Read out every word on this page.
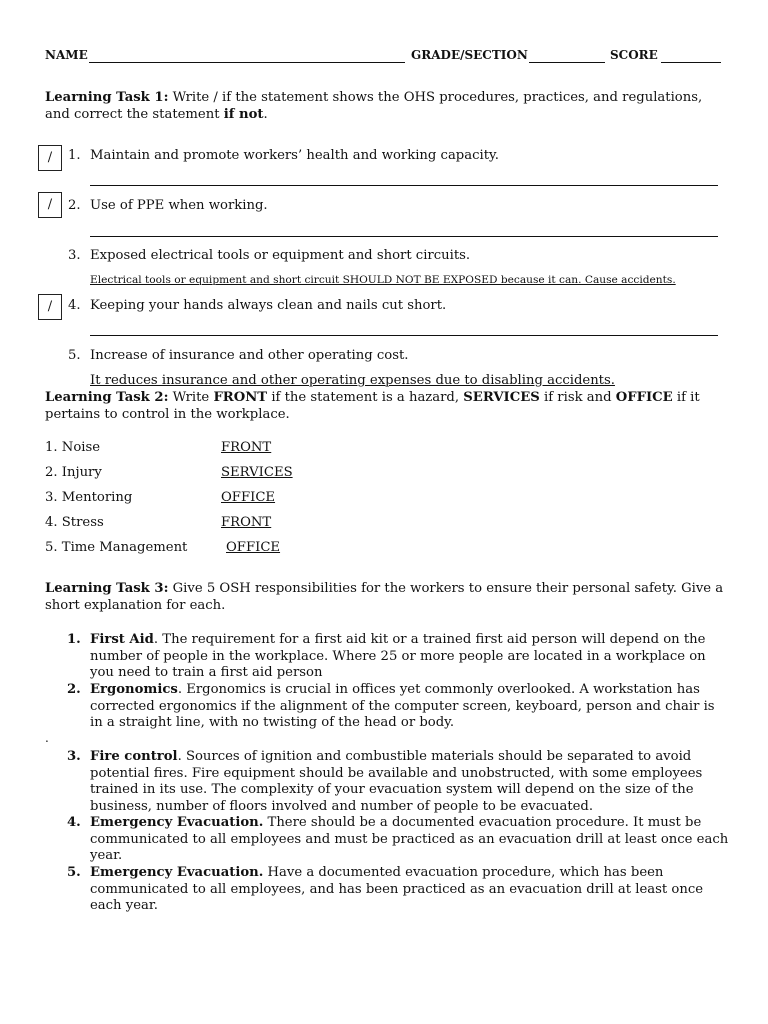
NAME	GRADE/SECTION	SCORE
Learning Task 1: Write / if the statement shows the OHS procedures, practices, and regulations, and correct the statement if not.
/	1. Maintain and promote workers’ health and working capacity.
/	2. Use of PPE when working.
3. Exposed electrical tools or equipment and short circuits.
Electrical tools or equipment and short circuit SHOULD NOT BE EXPOSED because it can. Cause accidents.
/	4. Keeping your hands always clean and nails cut short.
5. Increase of insurance and other operating cost.
It reduces insurance and other operating expenses due to disabling accidents.
Learning Task 2: Write FRONT if the statement is a hazard, SERVICES if risk and OFFICE if it pertains to control in the workplace.
1. Noise	FRONT
2. Injury	SERVICES
3. Mentoring	OFFICE
4. Stress	FRONT
5. Time Management	OFFICE
Learning Task 3: Give 5 OSH responsibilities for the workers to ensure their personal safety. Give a short explanation for each.
1. First Aid. The requirement for a first aid kit or a trained first aid person will depend on the number of people in the workplace. Where 25 or more people are located in a workplace on you need to train a first aid person
2. Ergonomics. Ergonomics is crucial in offices yet commonly overlooked. A workstation has corrected ergonomics if the alignment of the computer screen, keyboard, person and chair is in a straight line, with no twisting of the head or body.
.
3. Fire control. Sources of ignition and combustible materials should be separated to avoid potential fires. Fire equipment should be available and unobstructed, with some employees trained in its use. The complexity of your evacuation system will depend on the size of the business, number of floors involved and number of people to be evacuated.
4. Emergency Evacuation. There should be a documented evacuation procedure. It must be communicated to all employees and must be practiced as an evacuation drill at least once each year.
5. Emergency Evacuation. Have a documented evacuation procedure, which has been communicated to all employees, and has been practiced as an evacuation drill at least once each year.
